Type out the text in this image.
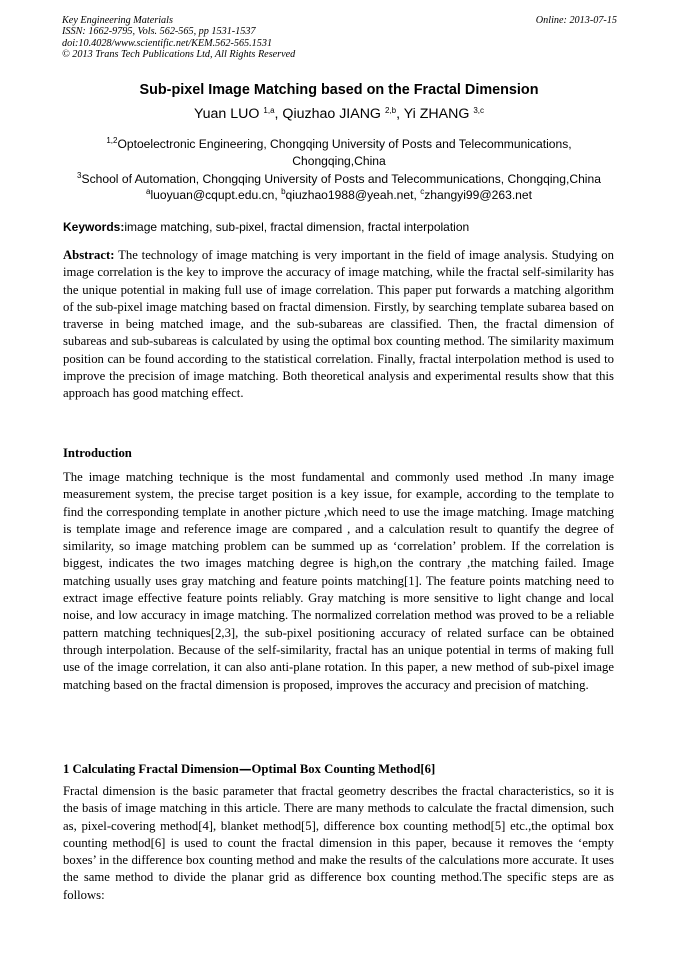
Key Engineering Materials
ISSN: 1662-9795, Vols. 562-565, pp 1531-1537
doi:10.4028/www.scientific.net/KEM.562-565.1531
© 2013 Trans Tech Publications Ltd, All Rights Reserved
Online: 2013-07-15
Sub-pixel Image Matching based on the Fractal Dimension
Yuan LUO $^{1,a}$, Qiuzhao JIANG $^{2,b}$, Yi ZHANG $^{3,c}$
$^{1,2}$Optoelectronic Engineering, Chongqing University of Posts and Telecommunications,
Chongqing,China
$^3$School of Automation, Chongqing University of Posts and Telecommunications, Chongqing,China
$^a$luoyuan@cqupt.edu.cn, $^b$qiuzhao1988@yeah.net, $^c$zhangyi99@263.net
Keywords:image matching, sub-pixel, fractal dimension, fractal interpolation
Abstract: The technology of image matching is very important in the field of image analysis. Studying on image correlation is the key to improve the accuracy of image matching, while the fractal self-similarity has the unique potential in making full use of image correlation. This paper put forwards a matching algorithm of the sub-pixel image matching based on fractal dimension. Firstly, by searching template subarea based on traverse in being matched image, and the sub-subareas are classified. Then, the fractal dimension of subareas and sub-subareas is calculated by using the optimal box counting method. The similarity maximum position can be found according to the statistical correlation. Finally, fractal interpolation method is used to improve the precision of image matching. Both theoretical analysis and experimental results show that this approach has good matching effect.
Introduction
The image matching technique is the most fundamental and commonly used method .In many image measurement system, the precise target position is a key issue, for example, according to the template to find the corresponding template in another picture ,which need to use the image matching. Image matching is template image and reference image are compared , and a calculation result to quantify the degree of similarity, so image matching problem can be summed up as ‘correlation’ problem. If the correlation is biggest, indicates the two images matching degree is high,on the contrary ,the matching failed. Image matching usually uses gray matching and feature points matching[1]. The feature points matching need to extract image effective feature points reliably. Gray matching is more sensitive to light change and local noise, and low accuracy in image matching. The normalized correlation method was proved to be a reliable pattern matching techniques[2,3], the sub-pixel positioning accuracy of related surface can be obtained through interpolation. Because of the self-similarity, fractal has an unique potential in terms of making full use of the image correlation, it can also anti-plane rotation. In this paper, a new method of sub-pixel image matching based on the fractal dimension is proposed, improves the accuracy and precision of matching.
1 Calculating Fractal Dimension—Optimal Box Counting Method[6]
Fractal dimension is the basic parameter that fractal geometry describes the fractal characteristics, so it is the basis of image matching in this article. There are many methods to calculate the fractal dimension, such as, pixel-covering method[4], blanket method[5], difference box counting method[5] etc.,the optimal box counting method[6] is used to count the fractal dimension in this paper, because it removes the ‘empty boxes’ in the difference box counting method and make the results of the calculations more accurate. It uses the same method to divide the planar grid as difference box counting method.The specific steps are as follows:
